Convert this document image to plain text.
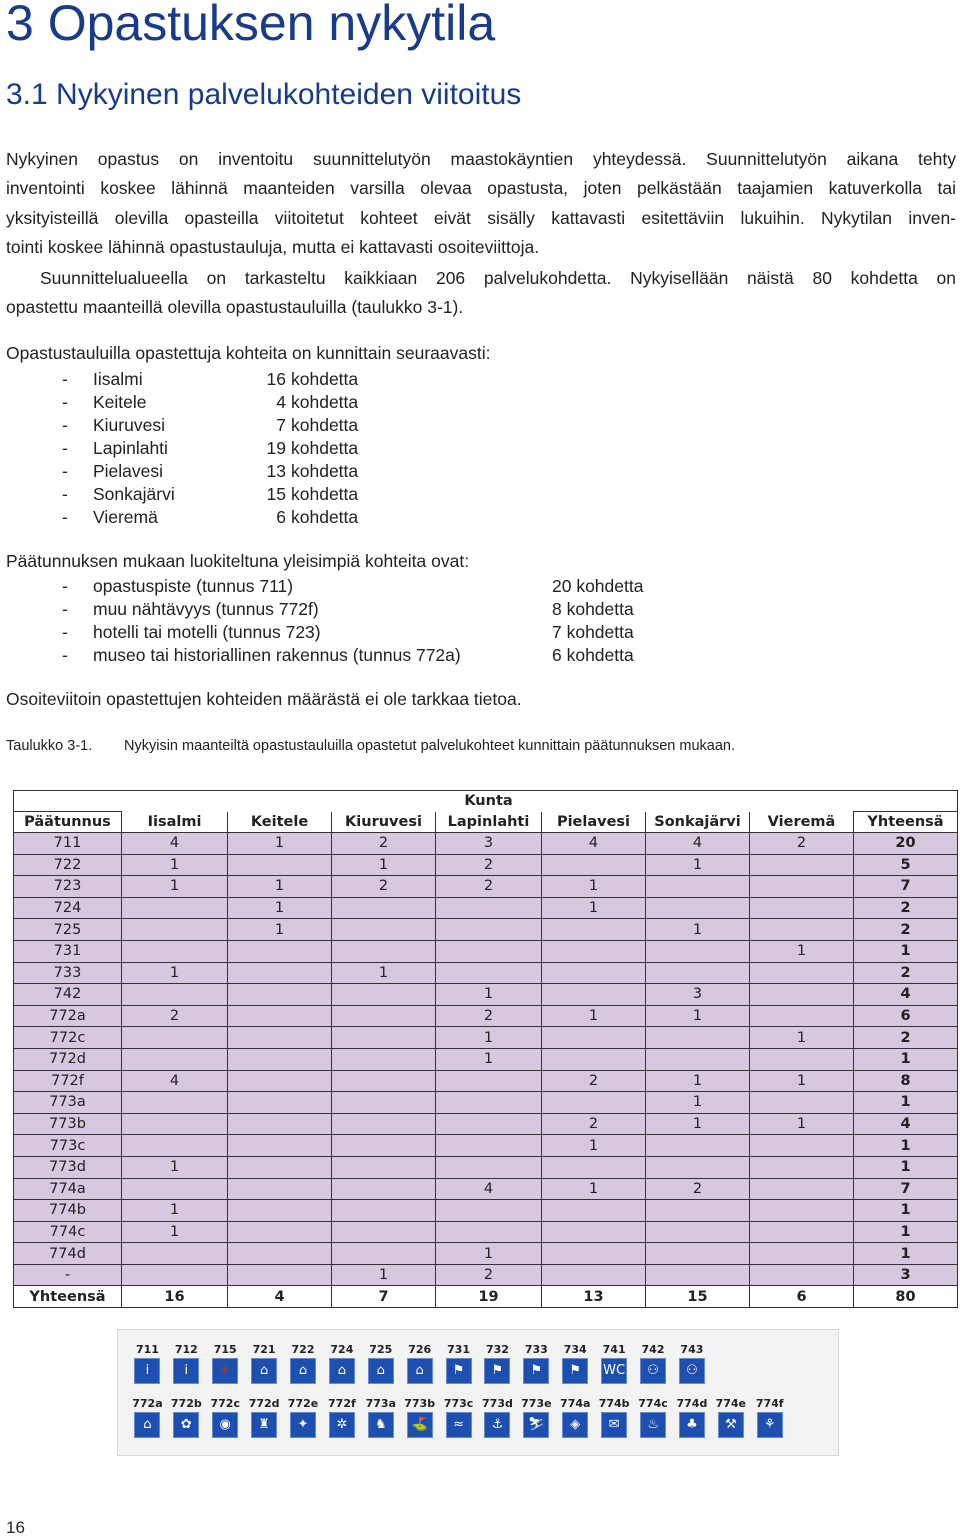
3 Opastuksen nykytila
3.1 Nykyinen palvelukohteiden viitoitus
Nykyinen opastus on inventoitu suunnittelutyön maastokäyntien yhteydessä. Suunnittelutyön aikana tehty
inventointi koskee lähinnä maanteiden varsilla olevaa opastusta, joten pelkästään taajamien katuverkolla tai
yksityisteillä olevilla opasteilla viitoitetut kohteet eivät sisälly kattavasti esitettäviin lukuihin. Nykytilan inven-
tointi koskee lähinnä opastustauluja, mutta ei kattavasti osoiteviittoja.
Suunnittelualueella on tarkasteltu kaikkiaan 206 palvelukohdetta. Nykyisellään näistä 80 kohdetta on
opastettu maanteillä olevilla opastustauluilla (taulukko 3-1).

Opastustauluilla opastettuja kohteita on kunnittain seuraavasti:

- Iisalmi	16 kohdetta
- Keitele	4 kohdetta
- Kiuruvesi	7 kohdetta
- Lapinlahti	19 kohdetta
- Pielavesi	13 kohdetta
- Sonkajärvi	15 kohdetta
- Vieremä	6 kohdetta

Päätunnuksen mukaan luokiteltuna yleisimpiä kohteita ovat:

- opastuspiste (tunnus 711)	20 kohdetta
- muu nähtävyys (tunnus 772f)	8 kohdetta
- hotelli tai motelli (tunnus 723)	7 kohdetta
- museo tai historiallinen rakennus (tunnus 772a)	6 kohdetta

Osoiteviitoin opastettujen kohteiden määrästä ei ole tarkkaa tietoa.

Taulukko 3-1. Nykyisin maanteiltä opastustauluilla opastetut palvelukohteet kunnittain päätunnuksen mukaan.
				Kunta				
Päätunnus	Iisalmi	Keitele	Kiuruvesi	Lapinlahti	Pielavesi	Sonkajärvi	Vieremä	Yhteensä
711	4	1	2	3	4	4	2	20
722	1		1	2		1		5
723	1	1	2	2	1			7
724		1			1			2
725		1				1		2
731							1	1
733	1		1					2
742				1		3		4
772a	2			2	1	1		6
772c				1			1	2
772d				1				1
772f	4				2	1	1	8
773a						1		1
773b					2	1	1	4
773c					1			1
773d	1							1
774a				4	1	2		7
774b	1							1
774c	1							1
774d				1				1
-			1	2				3
Yhteensä	16	4	7	19	13	15	6	80
711
i
712
i
715
+
721
⌂
722
⌂
724
⌂
725
⌂
726
⌂
731
⚑
732
⚑
733
⚑
734
⚑
741
WC
742
⚇
743
⚇
772a
⌂
772b
✿
772c
◉
772d
♜
772e
✦
772f
✲
773a
♞
773b
⛳
773c
≈
773d
⚓
773e
⛷
774a
◈
774b
✉
774c
♨
774d
♣
774e
⚒
774f
⚘

16
